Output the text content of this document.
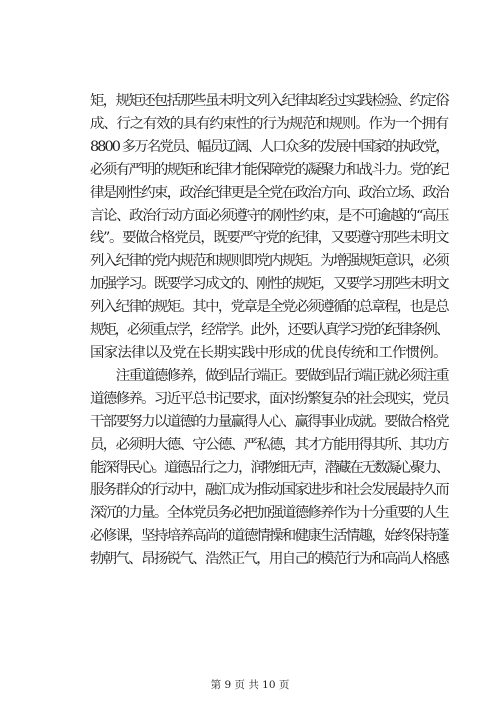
矩，规矩还包括那些虽未明文列入纪律却经过实践检验、约定俗
成、行之有效的具有约束性的行为规范和规则。作为一个拥有
8800 多万名党员、幅员辽阔、人口众多的发展中国家的执政党，
必须有严明的规矩和纪律才能保障党的凝聚力和战斗力。党的纪
律是刚性约束，政治纪律更是全党在政治方向、政治立场、政治
言论、政治行动方面必须遵守的刚性约束，是不可逾越的“高压
线”。要做合格党员，既要严守党的纪律，又要遵守那些未明文
列入纪律的党内规范和规则即党内规矩。为增强规矩意识，必须
加强学习。既要学习成文的、刚性的规矩，又要学习那些未明文
列入纪律的规矩。其中，党章是全党必须遵循的总章程，也是总
规矩，必须重点学，经常学。此外，还要认真学习党的纪律条例、
国家法律以及党在长期实践中形成的优良传统和工作惯例。
　　注重道德修养，做到品行端正。要做到品行端正就必须注重
道德修养。习近平总书记要求，面对纷繁复杂的社会现实，党员
干部要努力以道德的力量赢得人心、赢得事业成就。要做合格党
员，必须明大德、守公德、严私德，其才方能用得其所、其功方
能深得民心。道德品行之力，润物细无声，潜藏在无数凝心聚力、
服务群众的行动中，融汇成为推动国家进步和社会发展最持久而
深沉的力量。全体党员务必把加强道德修养作为十分重要的人生
必修课，坚持培养高尚的道德情操和健康生活情趣，始终保持蓬
勃朝气、昂扬锐气、浩然正气，用自己的模范行为和高尚人格感
第 9 页 共 10 页
